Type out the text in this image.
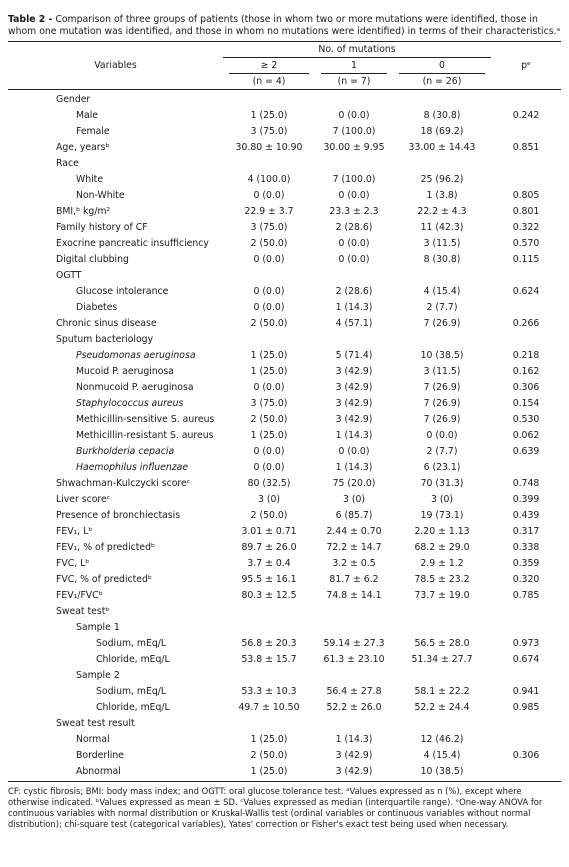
Table 2 - Comparison of three groups of patients (those in whom two or more mutations were identified, those in whom one mutation was identified, and those in whom no mutations were identified) in terms of their characteristics.ᵃ
Variables	No. of mutations			pᵉ

	≥ 2	1	0	

	(n = 4)	(n = 7)	(n = 26)	
Gender				
Male	1 (25.0)	0 (0.0)	8 (30.8)	0.242
Female	3 (75.0)	7 (100.0)	18 (69.2)	
Age, yearsᵇ	30.80 ± 10.90	30.00 ± 9.95	33.00 ± 14.43	0.851
Race				
White	4 (100.0)	7 (100.0)	25 (96.2)	
Non-White	0 (0.0)	0 (0.0)	1 (3.8)	0.805
BMI,ᵇ kg/m²	22.9 ± 3.7	23.3 ± 2.3	22.2 ± 4.3	0.801
Family history of CF	3 (75.0)	2 (28.6)	11 (42.3)	0.322
Exocrine pancreatic insufficiency	2 (50.0)	0 (0.0)	3 (11.5)	0.570
Digital clubbing	0 (0.0)	0 (0.0)	8 (30.8)	0.115
OGTT				
Glucose intolerance	0 (0.0)	2 (28.6)	4 (15.4)	0.624
Diabetes	0 (0.0)	1 (14.3)	2 (7.7)	
Chronic sinus disease	2 (50.0)	4 (57.1)	7 (26.9)	0.266
Sputum bacteriology				
Pseudomonas aeruginosa	1 (25.0)	5 (71.4)	10 (38.5)	0.218
Mucoid P. aeruginosa	1 (25.0)	3 (42.9)	3 (11.5)	0.162
Nonmucoid P. aeruginosa	0 (0.0)	3 (42.9)	7 (26.9)	0.306
Staphylococcus aureus	3 (75.0)	3 (42.9)	7 (26.9)	0.154
Methicillin-sensitive S. aureus	2 (50.0)	3 (42.9)	7 (26.9)	0.530
Methicillin-resistant S. aureus	1 (25.0)	1 (14.3)	0 (0.0)	0.062
Burkholderia cepacia	0 (0.0)	0 (0.0)	2 (7.7)	0.639
Haemophilus influenzae	0 (0.0)	1 (14.3)	6 (23.1)	
Shwachman-Kulczycki scoreᶜ	80 (32.5)	75 (20.0)	70 (31.3)	0.748
Liver scoreᶜ	3 (0)	3 (0)	3 (0)	0.399
Presence of bronchiectasis	2 (50.0)	6 (85.7)	19 (73.1)	0.439
FEV₁, Lᵇ	3.01 ± 0.71	2.44 ± 0.70	2.20 ± 1.13	0.317
FEV₁, % of predictedᵇ	89.7 ± 26.0	72.2 ± 14.7	68.2 ± 29.0	0.338
FVC, Lᵇ	3.7 ± 0.4	3.2 ± 0.5	2.9 ± 1.2	0.359
FVC, % of predictedᵇ	95.5 ± 16.1	81.7 ± 6.2	78.5 ± 23.2	0.320
FEV₁/FVCᵇ	80.3 ± 12.5	74.8 ± 14.1	73.7 ± 19.0	0.785
Sweat testᵇ				
Sample 1				
Sodium, mEq/L	56.8 ± 20.3	59.14 ± 27.3	56.5 ± 28.0	0.973
Chloride, mEq/L	53.8 ± 15.7	61.3 ± 23.10	51.34 ± 27.7	0.674
Sample 2				
Sodium, mEq/L	53.3 ± 10.3	56.4 ± 27.8	58.1 ± 22.2	0.941
Chloride, mEq/L	49.7 ± 10.50	52.2 ± 26.0	52.2 ± 24.4	0.985
Sweat test result				
Normal	1 (25.0)	1 (14.3)	12 (46.2)	
Borderline	2 (50.0)	3 (42.9)	4 (15.4)	0.306
Abnormal	1 (25.0)	3 (42.9)	10 (38.5)	
CF: cystic fibrosis; BMI: body mass index; and OGTT: oral glucose tolerance test. ᵃValues expressed as n (%), except where otherwise indicated. ᵇValues expressed as mean ± SD. ᶜValues expressed as median (interquartile range). ᵉOne-way ANOVA for continuous variables with normal distribution or Kruskal-Wallis test (ordinal variables or continuous variables without normal distribution); chi-square test (categorical variables), Yates' correction or Fisher's exact test being used when necessary.
